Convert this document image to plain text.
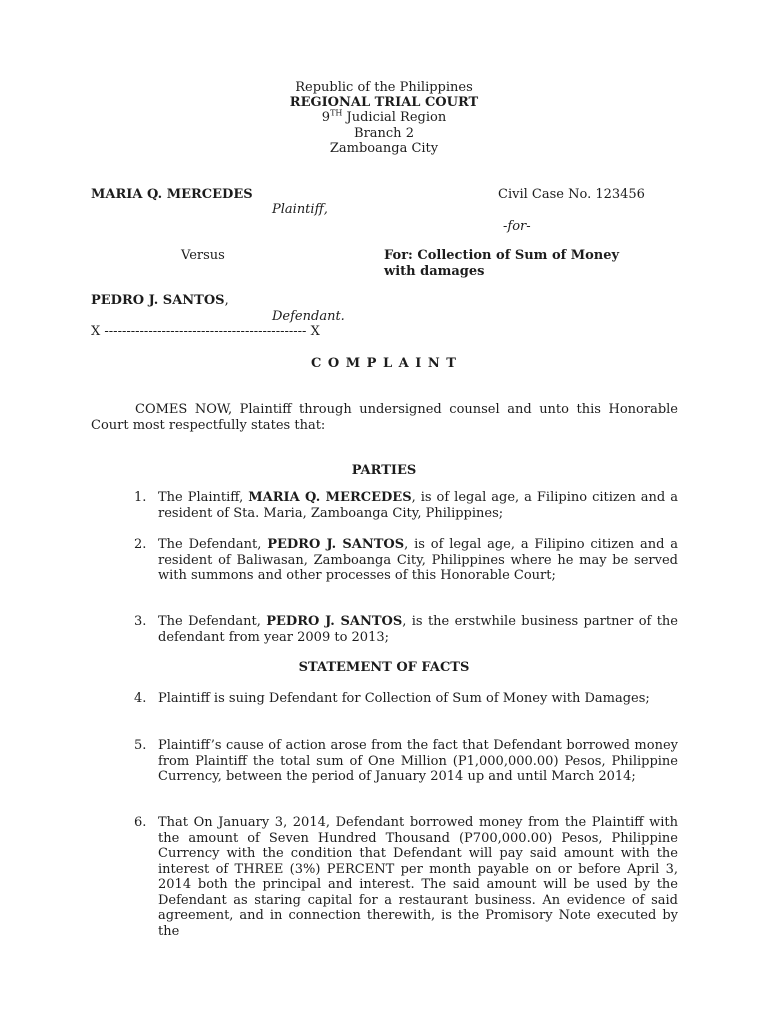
Republic of the Philippines
REGIONAL TRIAL COURT
9TH Judicial Region
Branch 2
Zamboanga City
MARIA Q. MERCEDES
Plaintiff,
Civil Case No. 123456
-for-
Versus	For: Collection of Sum of Money
with damages
PEDRO J. SANTOS,
Defendant.
X ---------------------------------------------- X
C O M P L A I N T
COMES NOW, Plaintiff through undersigned counsel and unto this Honorable Court most respectfully states that:
PARTIES
1. The Plaintiff, MARIA Q. MERCEDES, is of legal age, a Filipino citizen and a resident of Sta. Maria, Zamboanga City, Philippines;
2. The Defendant, PEDRO J. SANTOS, is of legal age, a Filipino citizen and a resident of Baliwasan, Zamboanga City, Philippines where he may be served with summons and other processes of this Honorable Court;
3. The Defendant, PEDRO J. SANTOS, is the erstwhile business partner of the defendant from year 2009 to 2013;
STATEMENT OF FACTS
4. Plaintiff is suing Defendant for Collection of Sum of Money with Damages;
5. Plaintiff’s cause of action arose from the fact that Defendant borrowed money from Plaintiff the total sum of One Million (P1,000,000.00) Pesos, Philippine Currency, between the period of January 2014 up and until March 2014;
6. That On January 3, 2014, Defendant borrowed money from the Plaintiff with the amount of Seven Hundred Thousand (P700,000.00) Pesos, Philippine Currency with the condition that Defendant will pay said amount with the interest of THREE (3%) PERCENT per month payable on or before April 3, 2014 both the principal and interest. The said amount will be used by the Defendant as staring capital for a restaurant business. An evidence of said agreement, and in connection therewith, is the Promisory Note executed by the
